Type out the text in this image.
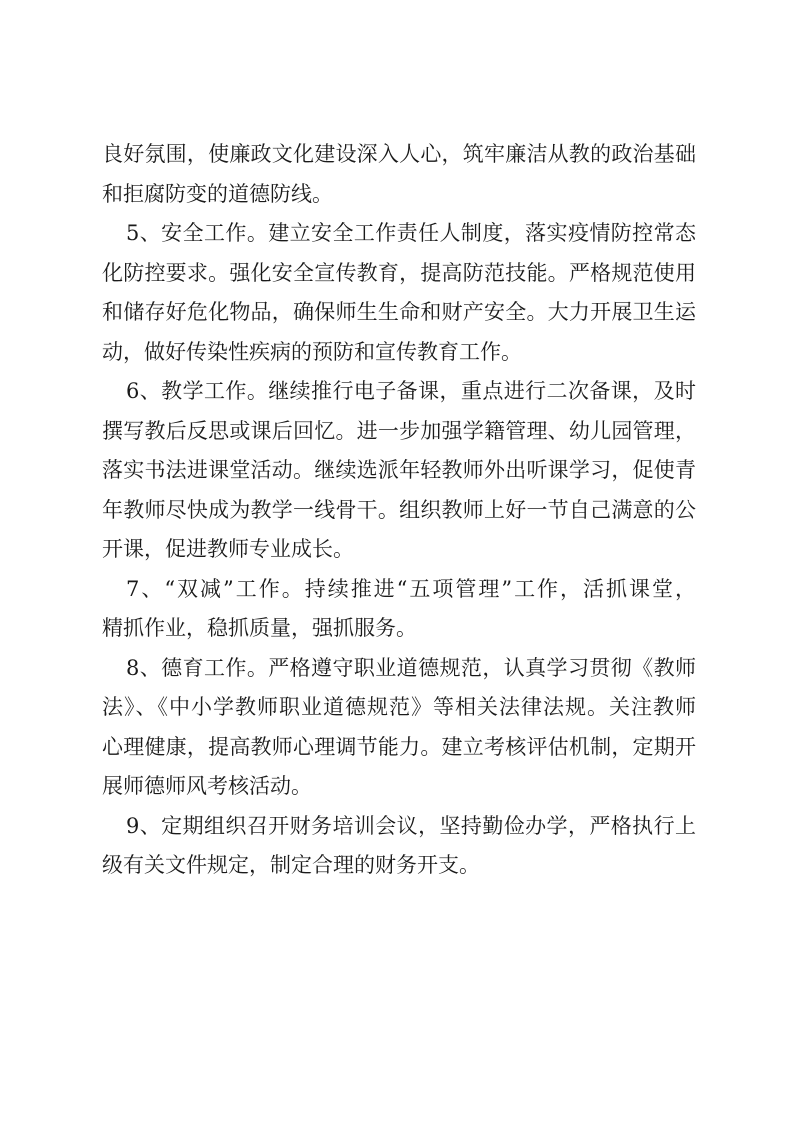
良好氛围，使廉政文化建设深入人心，筑牢廉洁从教的政治基础
和拒腐防变的道德防线。
5、安全工作。建立安全工作责任人制度，落实疫情防控常态
化防控要求。强化安全宣传教育，提高防范技能。严格规范使用
和储存好危化物品，确保师生生命和财产安全。大力开展卫生运
动，做好传染性疾病的预防和宣传教育工作。
6、教学工作。继续推行电子备课，重点进行二次备课，及时
撰写教后反思或课后回忆。进一步加强学籍管理、幼儿园管理，
落实书法进课堂活动。继续选派年轻教师外出听课学习，促使青
年教师尽快成为教学一线骨干。组织教师上好一节自己满意的公
开课，促进教师专业成长。
7、“双减”工作。持续推进“五项管理”工作，活抓课堂，
精抓作业，稳抓质量，强抓服务。
8、德育工作。严格遵守职业道德规范，认真学习贯彻《教师
法》、《中小学教师职业道德规范》等相关法律法规。关注教师
心理健康，提高教师心理调节能力。建立考核评估机制，定期开
展师德师风考核活动。
9、定期组织召开财务培训会议，坚持勤俭办学，严格执行上
级有关文件规定，制定合理的财务开支。
